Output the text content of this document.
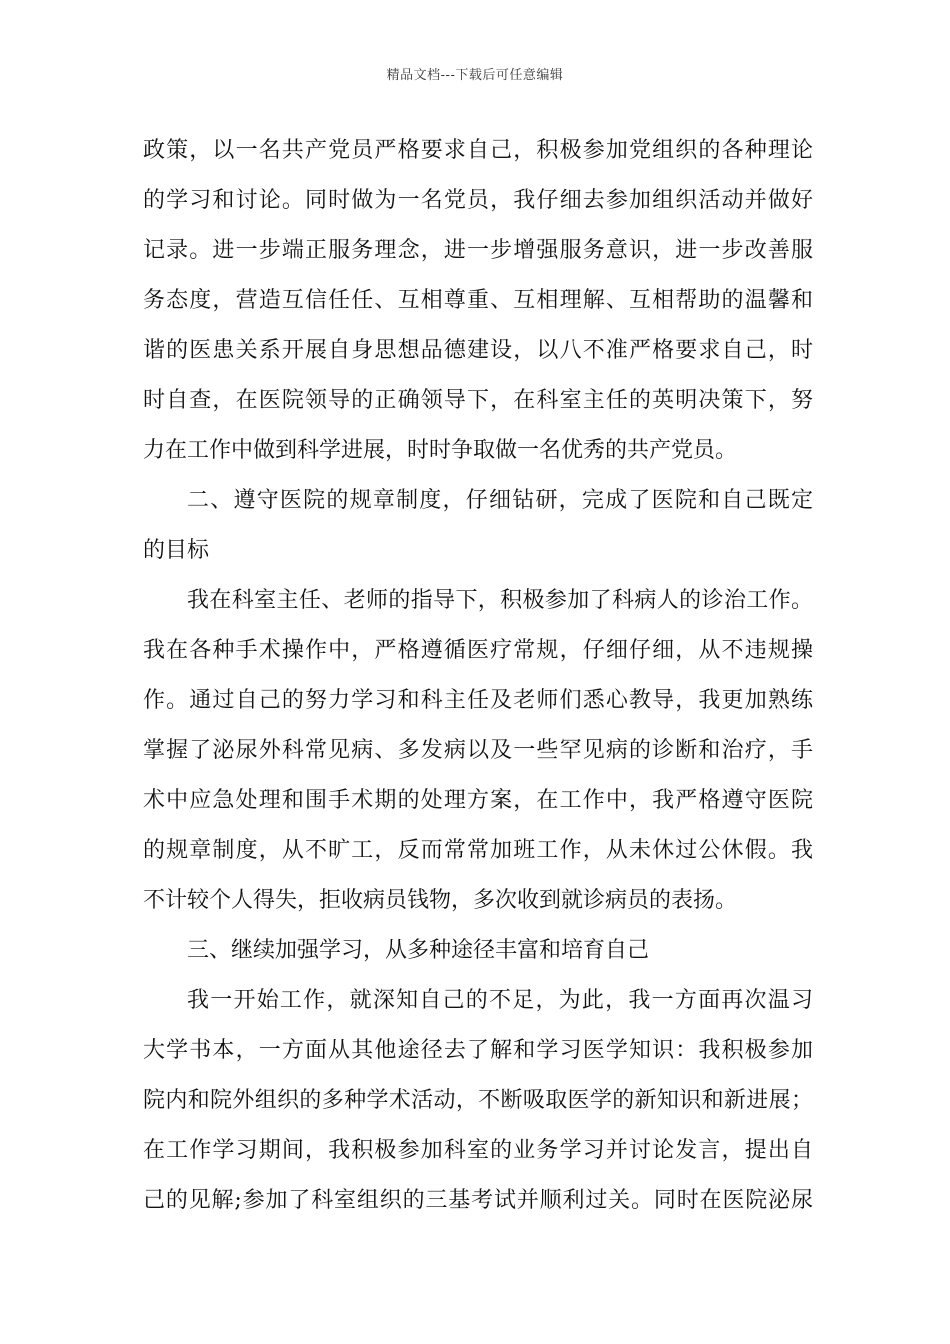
精品文档---下载后可任意编辑
政策，以一名共产党员严格要求自己，积极参加党组织的各种理论
的学习和讨论。同时做为一名党员，我仔细去参加组织活动并做好
记录。进一步端正服务理念，进一步增强服务意识，进一步改善服
务态度，营造互信任任、互相尊重、互相理解、互相帮助的温馨和
谐的医患关系开展自身思想品德建设，以八不准严格要求自己，时
时自查，在医院领导的正确领导下，在科室主任的英明决策下，努
力在工作中做到科学进展，时时争取做一名优秀的共产党员。
二、遵守医院的规章制度，仔细钻研，完成了医院和自己既定
的目标
我在科室主任、老师的指导下，积极参加了科病人的诊治工作。
我在各种手术操作中，严格遵循医疗常规，仔细仔细，从不违规操
作。通过自己的努力学习和科主任及老师们悉心教导，我更加熟练
掌握了泌尿外科常见病、多发病以及一些罕见病的诊断和治疗，手
术中应急处理和围手术期的处理方案，在工作中，我严格遵守医院
的规章制度，从不旷工，反而常常加班工作，从未休过公休假。我
不计较个人得失，拒收病员钱物，多次收到就诊病员的表扬。
三、继续加强学习，从多种途径丰富和培育自己
我一开始工作，就深知自己的不足，为此，我一方面再次温习
大学书本，一方面从其他途径去了解和学习医学知识：我积极参加
院内和院外组织的多种学术活动，不断吸取医学的新知识和新进展；
在工作学习期间，我积极参加科室的业务学习并讨论发言，提出自
己的见解;参加了科室组织的三基考试并顺利过关。同时在医院泌尿
